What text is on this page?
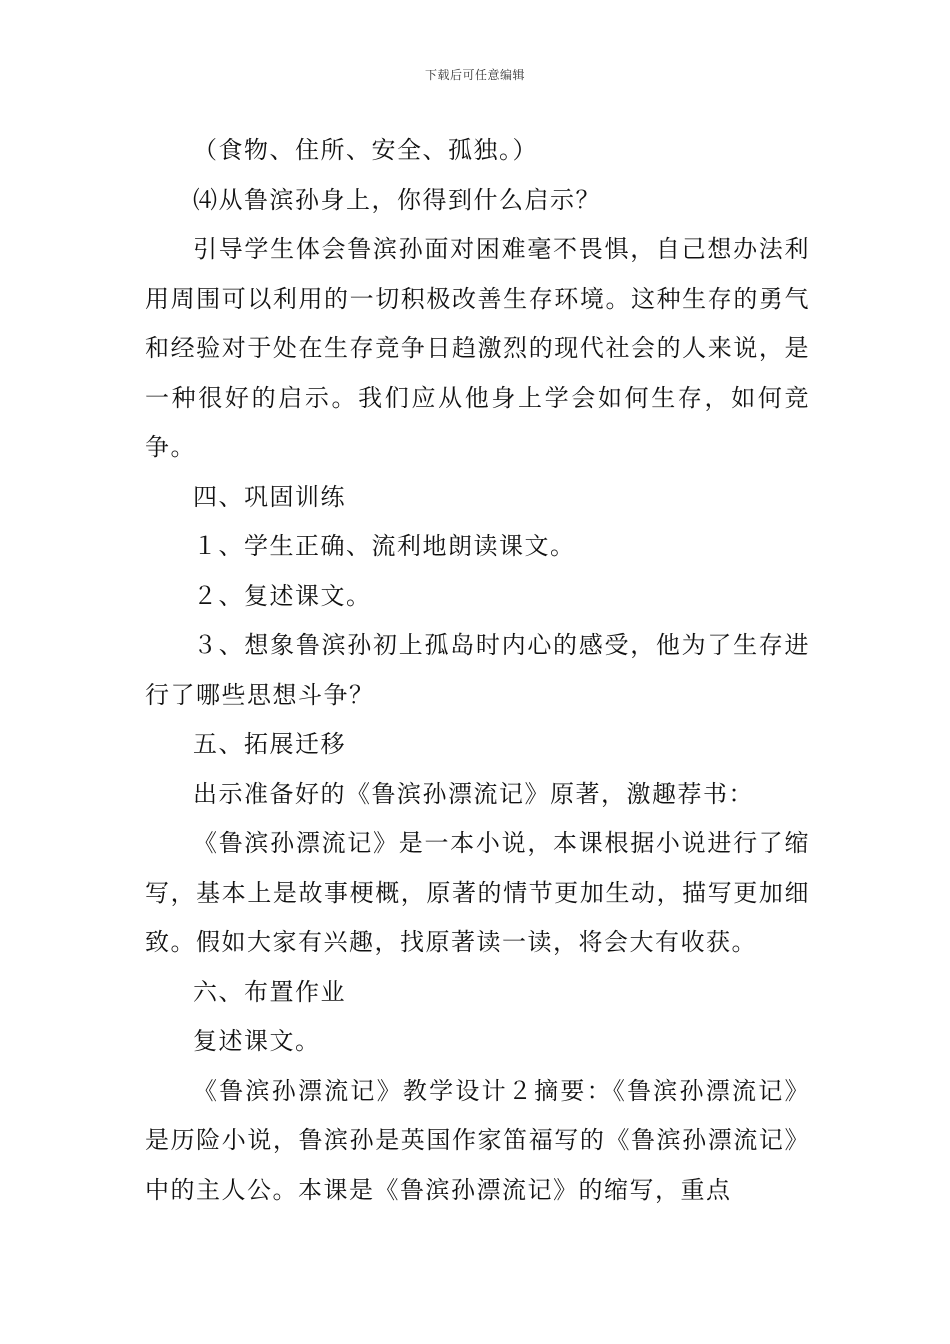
下载后可任意编辑

（食物、住所、安全、孤独。）

⑷从鲁滨孙身上，你得到什么启示？

引导学生体会鲁滨孙面对困难毫不畏惧，自己想办法利用周围可以利用的一切积极改善生存环境。这种生存的勇气和经验对于处在生存竞争日趋激烈的现代社会的人来说，是一种很好的启示。我们应从他身上学会如何生存，如何竞争。

四、巩固训练

１、学生正确、流利地朗读课文。

２、复述课文。

３、想象鲁滨孙初上孤岛时内心的感受，他为了生存进行了哪些思想斗争？

五、拓展迁移

出示准备好的《鲁滨孙漂流记》原著，激趣荐书：

《鲁滨孙漂流记》是一本小说，本课根据小说进行了缩写，基本上是故事梗概，原著的情节更加生动，描写更加细致。假如大家有兴趣，找原著读一读，将会大有收获。

六、布置作业

复述课文。

《鲁滨孙漂流记》教学设计２摘要：《鲁滨孙漂流记》是历险小说，鲁滨孙是英国作家笛福写的《鲁滨孙漂流记》中的主人公。本课是《鲁滨孙漂流记》的缩写，重点
